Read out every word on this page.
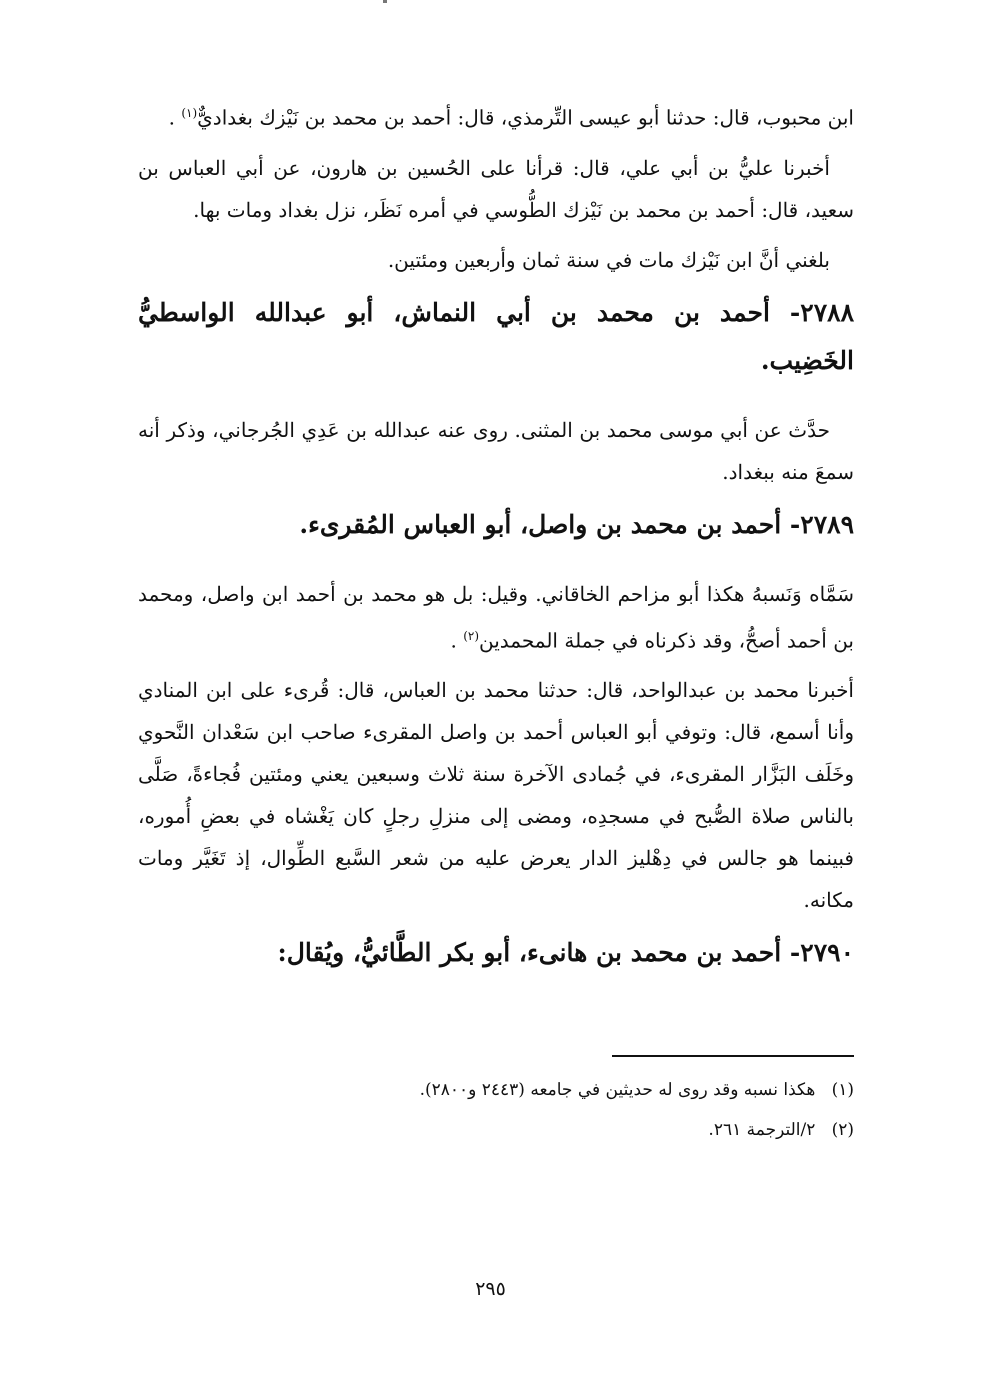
ابن محبوب، قال: حدثنا أبو عيسى التِّرمذي، قال: أحمد بن محمد بن نَيْزك بغداديٌّ$^{(١)}$ .

أخبرنا عليُّ بن أبي علي، قال: قرأنا على الحُسين بن هارون، عن أبي العباس بن سعيد، قال: أحمد بن محمد بن نَيْزك الطُّوسي في أمره نَظَر، نزل بغداد ومات بها.

بلغني أنَّ ابن نَيْزك مات في سنة ثمان وأربعين ومئتين.

٢٧٨٨- أحمد بن محمد بن أبي النماش، أبو عبدالله الواسطيُّ الخَضِيب.

حدَّث عن أبي موسى محمد بن المثنى. روى عنه عبدالله بن عَدِي الجُرجاني، وذكر أنه سمعَ منه ببغداد.

٢٧٨٩- أحمد بن محمد بن واصل، أبو العباس المُقرىء.

سَمَّاه وَنَسبهُ هكذا أبو مزاحم الخاقاني. وقيل: بل هو محمد بن أحمد ابن واصل، ومحمد بن أحمد أصحُّ، وقد ذكرناه في جملة المحمدين$^{(٢)}$ .

أخبرنا محمد بن عبدالواحد، قال: حدثنا محمد بن العباس، قال: قُرىء على ابن المنادي وأنا أسمع، قال: وتوفي أبو العباس أحمد بن واصل المقرىء صاحب ابن سَعْدان النَّحوي وخَلَف البَزَّار المقرىء، في جُمادى الآخرة سنة ثلاث وسبعين يعني ومئتين فُجاءةً، صَلَّى بالناس صلاة الصُّبح في مسجدِه، ومضى إلى منزلِ رجلٍ كان يَغْشاه في بعضِ أُموره، فبينما هو جالس في دِهْليز الدار يعرض عليه من شعر السَّبع الطِّوال، إذ تَغَيَّر ومات مكانه.

٢٧٩٠- أحمد بن محمد بن هانىء، أبو بكر الطَّائيُّ، ويُقال:

(١)   هكذا نسبه وقد روى له حديثين في جامعه (٢٤٤٣ و٢٨٠٠).

(٢)   ٢/الترجمة ٢٦١.

٢٩٥
